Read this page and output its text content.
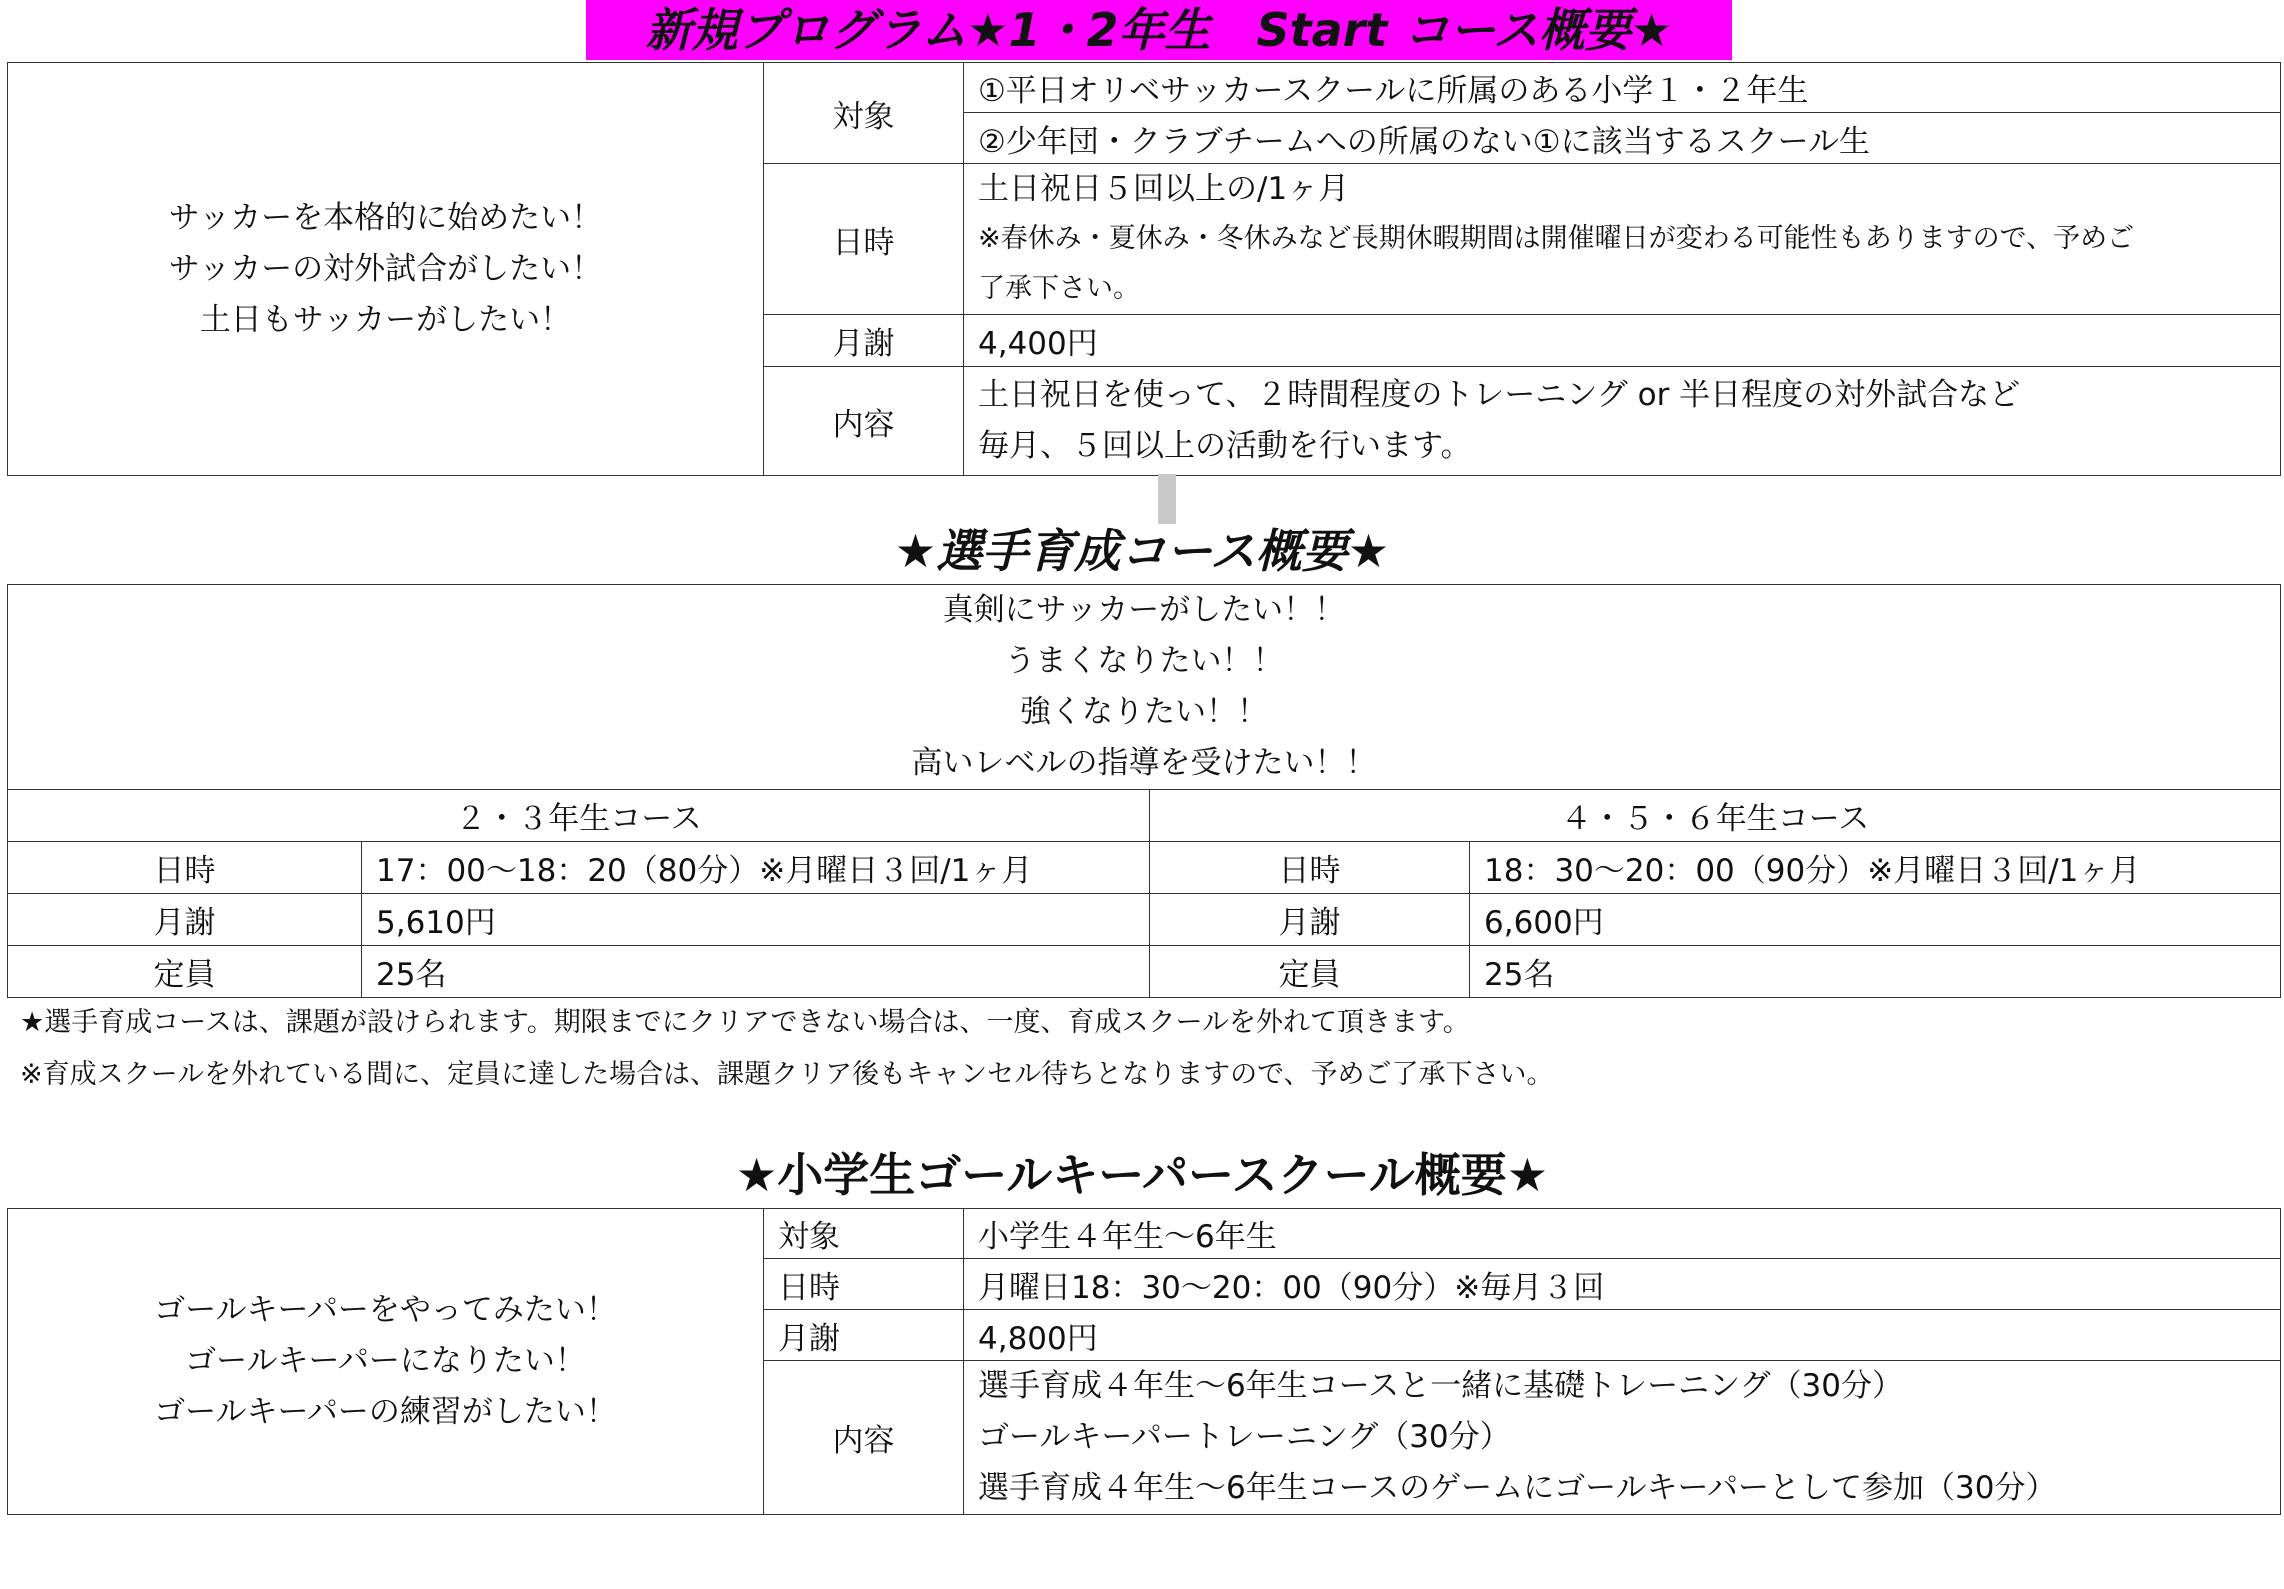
新規プログラム★1・2年生　Start コース概要★
サッカーを本格的に始めたい！
サッカーの対外試合がしたい！
土日もサッカーがしたい！	対象	①平日オリベサッカースクールに所属のある小学１・２年生
		②少年団・クラブチームへの所属のない①に該当するスクール生
	日時	土日祝日５回以上の/1ヶ月
※春休み・夏休み・冬休みなど長期休暇期間は開催曜日が変わる可能性もありますので、予めご
了承下さい。

	月謝	4,400円
	内容	土日祝日を使って、２時間程度のトレーニング or 半日程度の対外試合など
毎月、５回以上の活動を行います。
★選手育成コース概要★
真剣にサッカーがしたい！！
うまくなりたい！！
強くなりたい！！
高いレベルの指導を受けたい！！			

２・３年生コース		４・５・６年生コース	
日時	17：00～18：20（80分）※月曜日３回/1ヶ月	日時	18：30～20：00（90分）※月曜日３回/1ヶ月
月謝	5,610円	月謝	6,600円
定員	25名	定員	25名
★選手育成コースは、課題が設けられます。期限までにクリアできない場合は、一度、育成スクールを外れて頂きます。
※育成スクールを外れている間に、定員に達した場合は、課題クリア後もキャンセル待ちとなりますので、予めご了承下さい。
★小学生ゴールキーパースクール概要★
ゴールキーパーをやってみたい！
ゴールキーパーになりたい！
ゴールキーパーの練習がしたい！	対象	小学生４年生～6年生
	日時	月曜日18：30～20：00（90分）※毎月３回
	月謝	4,800円
	内容	選手育成４年生～6年生コースと一緒に基礎トレーニング（30分）
ゴールキーパートレーニング（30分）
選手育成４年生～6年生コースのゲームにゴールキーパーとして参加（30分）
